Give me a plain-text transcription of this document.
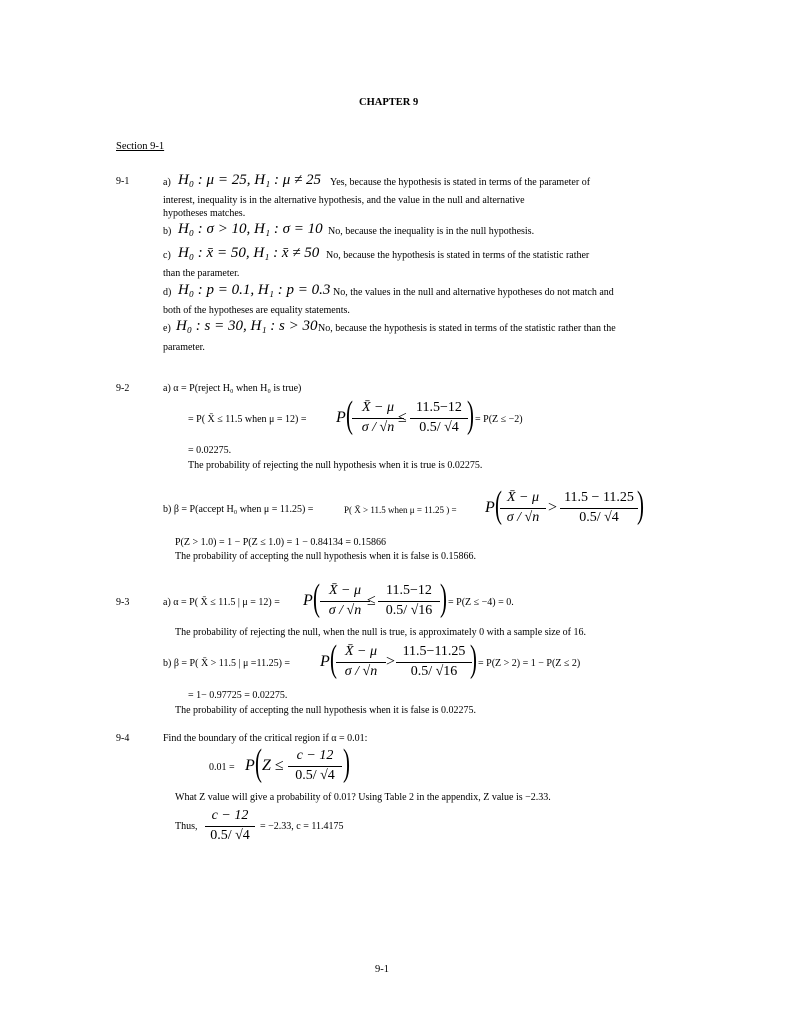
CHAPTER 9
Section 9-1
9-1	a) H₀ : μ = 25, H₁ : μ ≠ 25 Yes, because the hypothesis is stated in terms of the parameter of
interest, inequality is in the alternative hypothesis, and the value in the null and alternative
hypotheses matches.
b) H₀ : σ > 10, H₁ : σ = 10 No, because the inequality is in the null hypothesis.
c) H₀ : x̄ = 50, H₁ : x̄ ≠ 50 No, because the hypothesis is stated in terms of the statistic rather
than the parameter.
d) H₀ : p = 0.1, H₁ : p = 0.3 No, the values in the null and alternative hypotheses do not match and
both of the hypotheses are equality statements.
e) H₀ : s = 30, H₁ : s > 30 No, because the hypothesis is stated in terms of the statistic rather than the
parameter.
9-2	a) α = P(reject H₀ when H₀ is true)
= P( X̄ ≤ 11.5 when μ = 12) = P ( X̄ − μ
σ / √n
≤
11.5−12
0.5/ √4 ) = P(Z ≤ −2)
= 0.02275.
The probability of rejecting the null hypothesis when it is true is 0.02275.
b) β = P(accept H₀ when μ = 11.25) =	P( X̄ > 11.5 when μ = 11.25 ) = P ( X̄ − μ
σ / √n
>
11.5 − 11.25
0.5/ √4 )
P(Z > 1.0) = 1 − P(Z ≤ 1.0) = 1 − 0.84134 = 0.15866
The probability of accepting the null hypothesis when it is false is 0.15866.
9-3	a) α = P( X̄ ≤ 11.5 | μ = 12) = P ( X̄ − μ
σ / √n
≤
11.5−12
0.5/ √16 ) = P(Z ≤ −4) = 0.
The probability of rejecting the null, when the null is true, is approximately 0 with a sample size of 16.
b) β = P( X̄ > 11.5 | μ =11.25) = P ( X̄ − μ
σ / √n
>
11.5−11.25
0.5/ √16 ) = P(Z > 2) = 1 − P(Z ≤ 2)
= 1− 0.97725 = 0.02275.
The probability of accepting the null hypothesis when it is false is 0.02275.
9-4	Find the boundary of the critical region if α = 0.01:
0.01 = P ( Z ≤
c − 12
0.5/ √4 )
What Z value will give a probability of 0.01? Using Table 2 in the appendix, Z value is −2.33.
Thus,
c − 12
0.5/ √4
= −2.33, c = 11.4175
9-1
